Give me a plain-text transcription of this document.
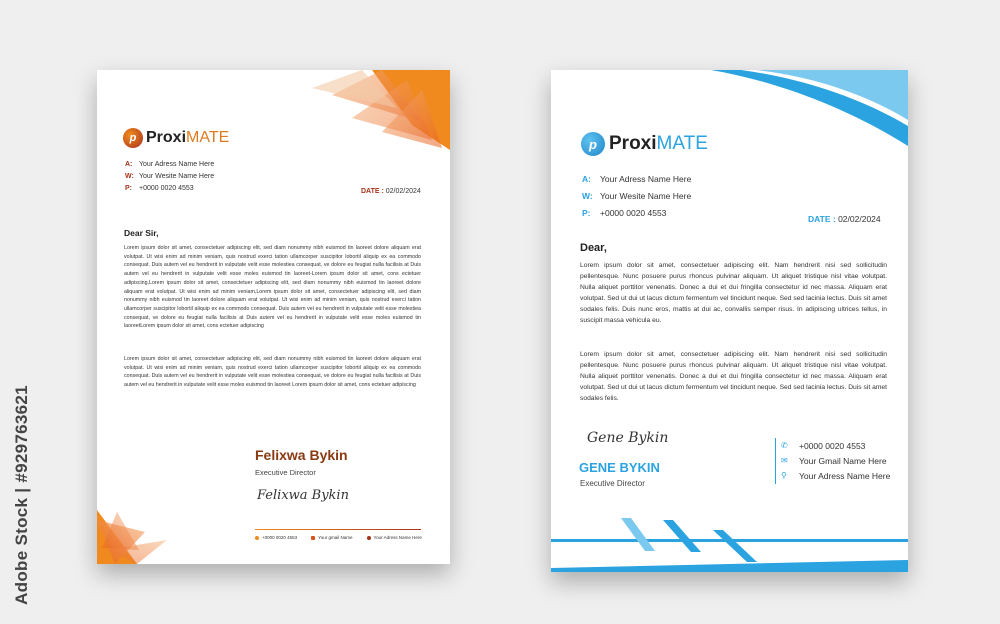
Adobe Stock | #929763621
p ProxiMATE
A: Your Adress Name Here
W: Your Wesite Name Here
P:	+0000 0020 4553	DATE : 02/02/2024
Dear Sir,
Lorem ipsum dolor sit amet, consectetuer adipiscing elit, sed diam nonummy nibh euismod tin laoreet dolore aliquam erat volutpat. Ut wisi enim ad minim veniam, quis nostrud exerci tation ullamcorper suscipitor lobortil aliquip ex ea commodo consequat. Duis autem vel eu hendrerit in vulputate velit esse molestiea consequat, ve dolore eu feugiat nulla facilisis at Duis autem vel eu hendrerit in vulputate velit esse moles euismod tin laoreet-Lorem ipsum dolor sit amet, cons ectetuer adipiscing,Lorem ipsum dolor sit amet, consectetuer adipiscing elit, sed diam nonummy nibh euismod tin laoreet dolore aliquam erat volutpat. Ut wisi enim ad minim veniam,Lorem ipsum dolor sit amet, consectetuer adipiscing elit, sed diam nonummy nibh euismod tin laoreet dolore aliquam erat volutpat. Ut wisi enim ad minim veniam, quis nostrud exerci tation ullamcorper suscipitor lobortil aliquip ex ea commodo consequat. Duis autem vel eu hendrerit in vulputate velit esse molestiea consequat, ve dolore eu feugiat nulla facilisis at Duis autem vel eu hendrerit in vulputate velit esse moles euismod tin laoreetLorem ipsum dolor sit amet, cons ectetuer adipiscing
Lorem ipsum dolor sit amet, consectetuer adipiscing elit, sed diam nonummy nibh euismod tin laoreet dolore aliquam erat volutpat. Ut wisi enim ad minim veniam, quis nostrud exerci tation ullamcorper suscipitor lobortil aliquip ex ea commodo consequat. Duis autem vel eu hendrerit in vulputate velit esse molestiea consequat, ve dolore eu feugiat nulla facilisis at Duis autem vel eu hendrerit in vulputate velit esse moles euismod tin laoreet Lorem ipsum dolor sit amet, cons ectetuer adipiscing
Felixwa Bykin
Executive Director
Felixwa Bykin
+0000 0020 4553	Your gmail Name	Your Adress Name Here
p ProxiMATE
A:	Your Adress Name Here
W: Your Wesite Name Here
P:	+0000 0020 4553
DATE : 02/02/2024
Dear,
Lorem ipsum dolor sit amet, consectetuer adipiscing elit. Nam hendrerit nisi sed sollicitudin pellentesque. Nunc posuere purus rhoncus pulvinar aliquam. Ut aliquet tristique nisl vitae volutpat. Nulla aliquet porttitor venenatis. Donec a dui et dui fringilla consectetur id nec massa. Aliquam erat volutpat. Sed ut dui ut lacus dictum fermentum vel tincidunt neque. Sed sed lacinia lectus. Duis sit amet sodales felis. Duis nunc eros, mattis at dui ac, convallis semper risus. In adipiscing ultrices tellus, in suscipit massa vehicula eu.
Lorem ipsum dolor sit amet, consectetuer adipiscing elit. Nam hendrerit nisi sed sollicitudin pellentesque. Nunc posuere purus rhoncus pulvinar aliquam. Ut aliquet tristique nisl vitae volutpat. Nulla aliquet porttitor venenatis. Donec a dui et dui fringilla consectetur id nec massa. Aliquam erat volutpat. Sed ut dui ut lacus dictum fermentum vel tincidunt neque. Sed sed lacinia lectus. Duis sit amet sodales felis.
Gene Bykin
GENE BYKIN
Executive Director
✆	+0000 0020 4553
✉	Your Gmail Name Here
⚲	Your Adress Name Here
